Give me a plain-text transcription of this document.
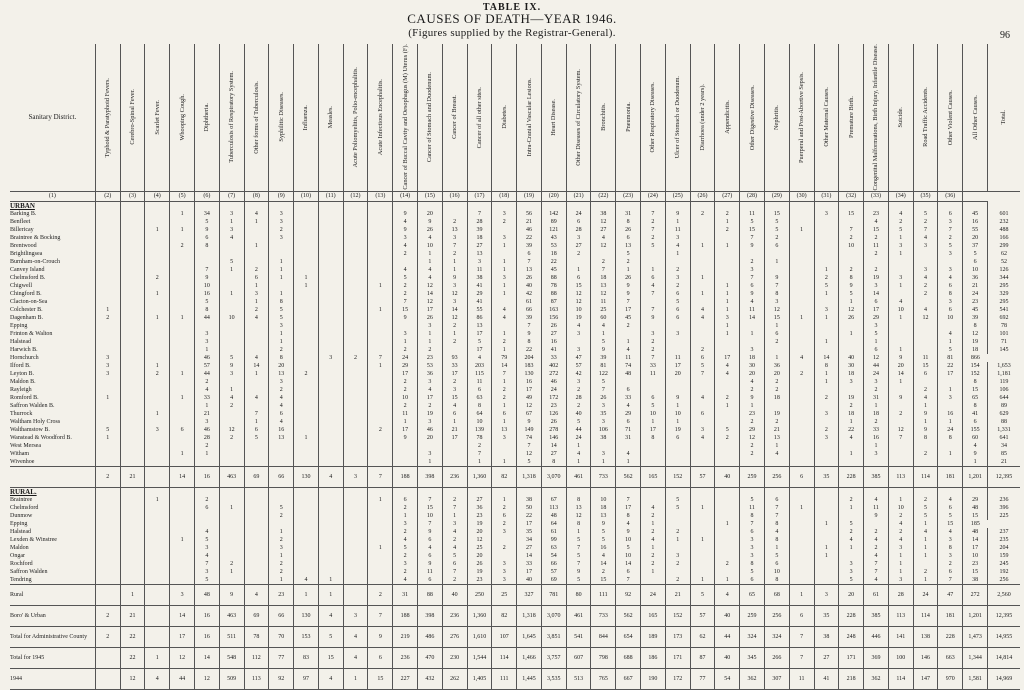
TABLE IX.
CAUSES OF DEATH—YEAR 1946.
(Figures supplied by the Registrar-General).	96
Sanitary District.	Typhoid & Paratyphoid Fevers.	Cerebro-Spinal Fever.	Scarlet Fever.	Whooping Cough.	Diphtheria.	Tuberculosis of Respiratory System.	Other forms of Tuberculosis.	Syphilitic Diseases.	Influenza.	Measles.	Acute Poliomyelitis, Polio-encephalitis.	Acute Infectious Encephalitis.	Cancer of Buccal Cavity and Oesophagus (M) Uterus (F).	Cancer of Stomach and Duodenum.	Cancer of Breast.	Cancer of all other sites.	Diabetes.	Intra-Cranial Vascular Lesions.	Heart Disease.	Other Diseases of Circulatory System.	Bronchitis.	Pneumonia.	Other Respiratory Diseases.	Ulcer of Stomach or Duodenum.	Diarrhoea (under 2 years).	Appendicitis.	Other Digestive Diseases.	Nephritis.	Puerperal and Post-Abortive Sepsis.	Other Maternal Causes.	Premature Birth.	Congenital Malformations, Birth Injury, Infantile Disease.	Suicide.	Road Traffic Accidents.	Other Violent Causes.	All Other Causes.	Total.

(1)	(2)	(3)	(4)	(5)	(6)	(7)	(8)	(9)	(10)	(11)	(12)	(13)	(14)	(15)	(16)	(17)	(18)	(19)	(20)	(21)	(22)	(23)	(24)	(25)	(26)	(27)	(28)	(29)	(30)	(31)	(32)	(33)	(34)	(35)	(36)		
URBAN																																					
Barking B.				1	34	3	4	3					9	20		7	3	56	142	24	38	31	7	9	2	2	11	15		3	15	23	4	5	6	45	601
Benfleet					5	1	1	3					4	9	2	28	2	21	89	6	12	8	2	1		1	5	5				4	2	2	3	16	232
Billericay			1	1	9	3		2					9	26	13	39		46	121	28	27	26	7	11		2	15	5	1		7	15	5	7	7	55	488
Braintree & Bocking					6	4		3					3	4	3	18	3	22	43	3	4	6	2	3			7	2			2	2	1	4	2	20	166
Brentwood				2	8		1						4	10	7	27	1	39	53	27	12	13	5	4	1	1	9	6			10	11	3	3	5	37	299
Brightlingsea													2	1	2	13		6	18	2		5		1								2	1		3	5	62
Burnham-on-Crouch						5		1						1	1	3	1	7	22		2	2					2	1								6	52
Canvey Island					7	1	2	1					4	4	1	11	1	13	45	1	7	1	1	2			3			1	2	2		3	3	10	126
Chelmsford B.			2		9		6	1	1				5	4	9	38	3	26	88	6	18	26	6	3	1		7	9		2	8	19	3	4	4	36	344
Chigwell					10		1		1			1	2	12	3	41	1	40	78	15	13	9	4	2		1	6	7		5	9	3	1	2	6	21	295
Chingford B.			1		16	1	3	1					2	14	12	29	1	42	88	12	12	9	7	6	1	1	9	8		1	5	14		2	8	24	329
Clacton-on-Sea					5		1	8					7	12	3	41		61	87	12	11	7		5		1	4	3			1	6	4		3	23	295
Colchester B.	1				8		2	5				1	15	17	14	55	4	66	163	10	25	17	7	6	4	1	11	12		3	12	17	10	4	6	45	541
Dagenham B.	2		1	1	44	10	4	5					9	26	12	86	4	39	156	19	60	45	9	6	4	3	14	15	1	1	26	29	1	12	10	39	692
Epping								3						3	2	13		7	26	4	4	2				1		1				3				8	78
Frinton & Walton					3			1					3	1	1	17	1	9	27	3	1		3	3		1	1	6			1	5			4	12	101
Halstead					3			1					1	1	2	5	2	8	16		5	1	2					2		1		1			1	19	71
Harwich B.					1			2					2	2		17	1	22	41	3	9	4	2		2		3					6	1		5	18	145
Hornchurch	3				46	5	4	8		3	2	7	24	23	93	4	79	204	33	47	39	11	7	11	6	17	18	1	4	14	40	12	9	11	81	866	
Ilford B.	3		1		57	9	14	20				1	29	53	33	203	14	183	402	57	81	74	33	17	5	4	30	36		8	30	44	20	15	22	154	1,653
Leyton B.	3		2	1	44	3	1	13	2				17	36	17	115	7	130	272	42	122	48	11	20	7	4	20	20	2	1	18	24	14	6	17	152	1,181
Maldon B.					2			3					2	3	2	11	1	16	46	3	5						4	2		1	3	3	1			8	119
Rayleigh					4	1		2					2	4	3	6	2	17	24	2	7	6					2	2				2		2	1	15	106
Romford B.	1			1	33	4	4	4					10	17	15	63	2	49	172	28	26	33	6	9	4	2	9	18		2	19	31	9	4	3	65	644
Saffron Walden B.					1	2		4					2	2	4	8	1	12	23	2	3	4	5	1		1	1				2	1		1		8	89
Thurrock			1		21		7	6					11	19	6	64	6	67	126	40	35	29	10	10	6		23	19		3	18	18	2	9	16	41	629
Waltham Holy Cross					3		1	4					1	3	1	10	1	9	26	5	3	6	1	1			2	2			1	2		1	1	6	88
Walthamstow B.	5		3	6	46	12	6	16				2	17	46	21	139	13	149	278	44	106	71	17	19	3	5	29	21		2	22	33	12	9	24	155	1,331
Wanstead & Woodford B.	1				28	2	5	13	1				9	20	17	78	3	74	146	24	38	31	8	6	4	2	12	13		3	4	16	7	8	8	60	641
West Mersea					2											2		7	14	1							2	1				1				4	34
Witham				1	1									3		7		12	27	4	3	4					2	4			1	3		2	1	9	85
Wivenhoe														1		1	1	5	8	1	1	1														1	21
	2	21		14	16	463	69	66	130	4	3	7	188	398	236	1,360	82	1,318	3,070	461	733	562	165	152	57	40	259	256	6	35	228	385	113	114	181	1,201	12,395
RURAL.																																					
Braintree			1		2							1	6	7	2	27	1	38	67	8	10	7		5			5	6			2	4	1	2	4	29	236
Chelmsford					6	1		5					2	15	7	36	2	50	113	13	18	17	4	5	1		11	7	1		1	11	10	5	6	48	396
Dunmow								2					1	10	1	23	6	22	48	12	13	8	2				8	7				9	2	5	5	15	225
Epping													3	7	3	19	2	17	64	8	9	4	1			1	7	8		1	5		4	1	15	185	
Halstead					4			1					2	9	4	20	3	35	61	1	5	9	2	2			6	4			2	2	2	4	4	48	237
Lexden & Winstree				1	5			2					4	6	2	12		34	99	5	5	10	4	1	1		3	8			4	4	4	1	3	14	235
Maldon					3			3				1	5	4	4	25	2	27	63	7	16	5	1				3	1		1	1	2	3	1	8	17	204
Ongar					4			1					2	6	5	20		14	54	5	4	10	2	3			3	5		1		4	1	1	3	10	159
Rochford					7	2		2					3	9	6	26	3	33	66	7	14	14	2	2		2	8	6			3	7	1		2	23	245
Saffron Walden					3	1		2					2	11	7	19	3	17	57	9	2	6	1				5	10			3	7	1	2	6	15	192
Tendring					5			1	4	1			4	6	2	23	3	40	69	5	15	7		2	1	1	6	8			5	4	3	1	7	38	256
Rural		1		3	48	9	4	23	1	1		2	31	88	40	250	25	327	781	80	111	92	24	21	5	4	65	68	1	3	20	61	28	24	47	272	2,560
Boro' & Urban	2	21		14	16	463	69	66	130	4	3	7	188	398	236	1,360	82	1,318	3,070	461	733	562	165	152	57	40	259	256	6	35	228	385	113	114	181	1,201	12,395
Total for Administrative County	2	22		17	16	511	78	70	153	5	4	9	219	486	276	1,610	107	1,645	3,851	541	844	654	189	173	62	44	324	324	7	38	248	446	141	138	228	1,473	14,955
Total for 1945		22	1	12	14	548	112	77	83	15	4	6	236	470	230	1,544	114	1,466	3,757	607	798	688	186	171	87	40	345	266	7	27	171	369	100	146	663	1,344	14,814
1944		12	4	44	12	509	113	92	97	4	1	15	227	432	262	1,405	111	1,445	3,535	513	765	667	190	172	77	54	362	307	11	41	218	362	114	147	970	1,581	14,969
